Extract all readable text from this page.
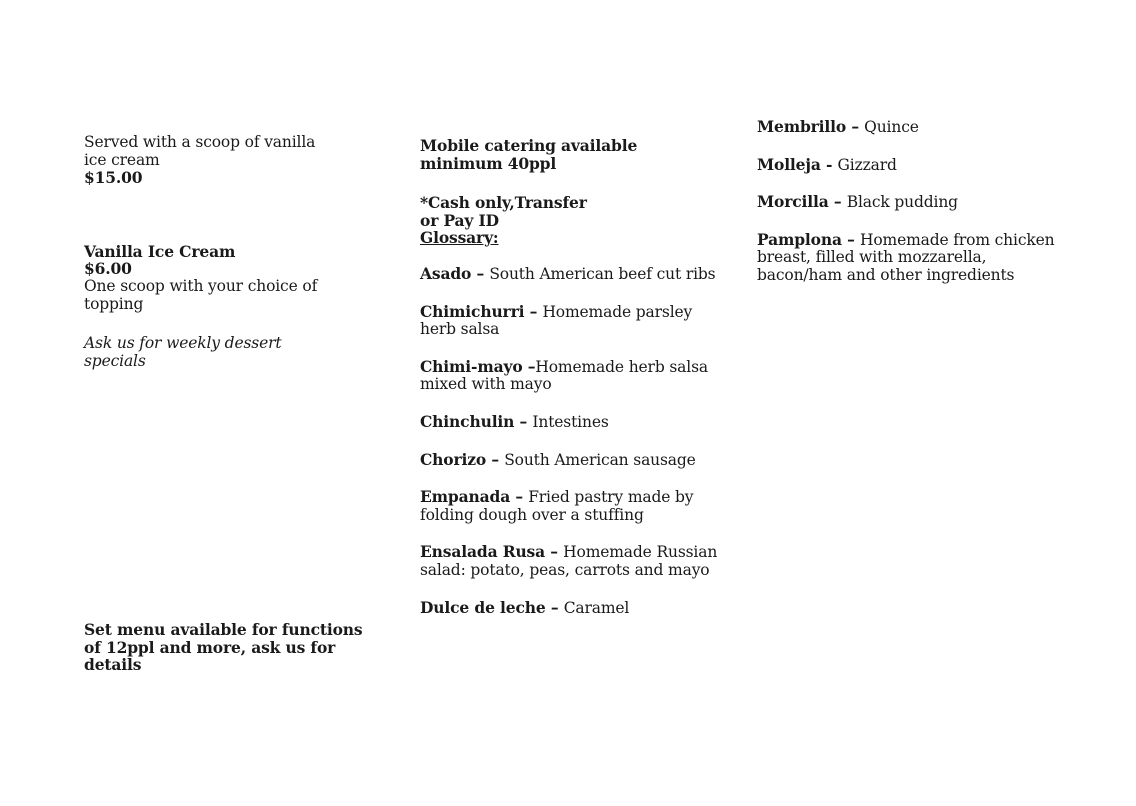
Served with a scoop of vanilla
ice cream
$15.00
Vanilla Ice Cream
$6.00
One scoop with your choice of
topping
Ask us for weekly dessert
specials
Set menu available for functions of 12ppl and more, ask us for details
Mobile catering available
minimum 40ppl
*Cash only,Transfer
or Pay ID
Glossary:
Asado – South American beef cut ribs
Chimichurri – Homemade parsley herb salsa
Chimi-mayo –Homemade herb salsa mixed with mayo
Chinchulin – Intestines
Chorizo – South American sausage
Empanada – Fried pastry made by folding dough over a stuffing
Ensalada Rusa – Homemade Russian salad: potato, peas, carrots and mayo
Dulce de leche – Caramel
Membrillo – Quince
Molleja - Gizzard
Morcilla – Black pudding
Pamplona – Homemade from chicken breast, filled with mozzarella, bacon/ham and other ingredients
